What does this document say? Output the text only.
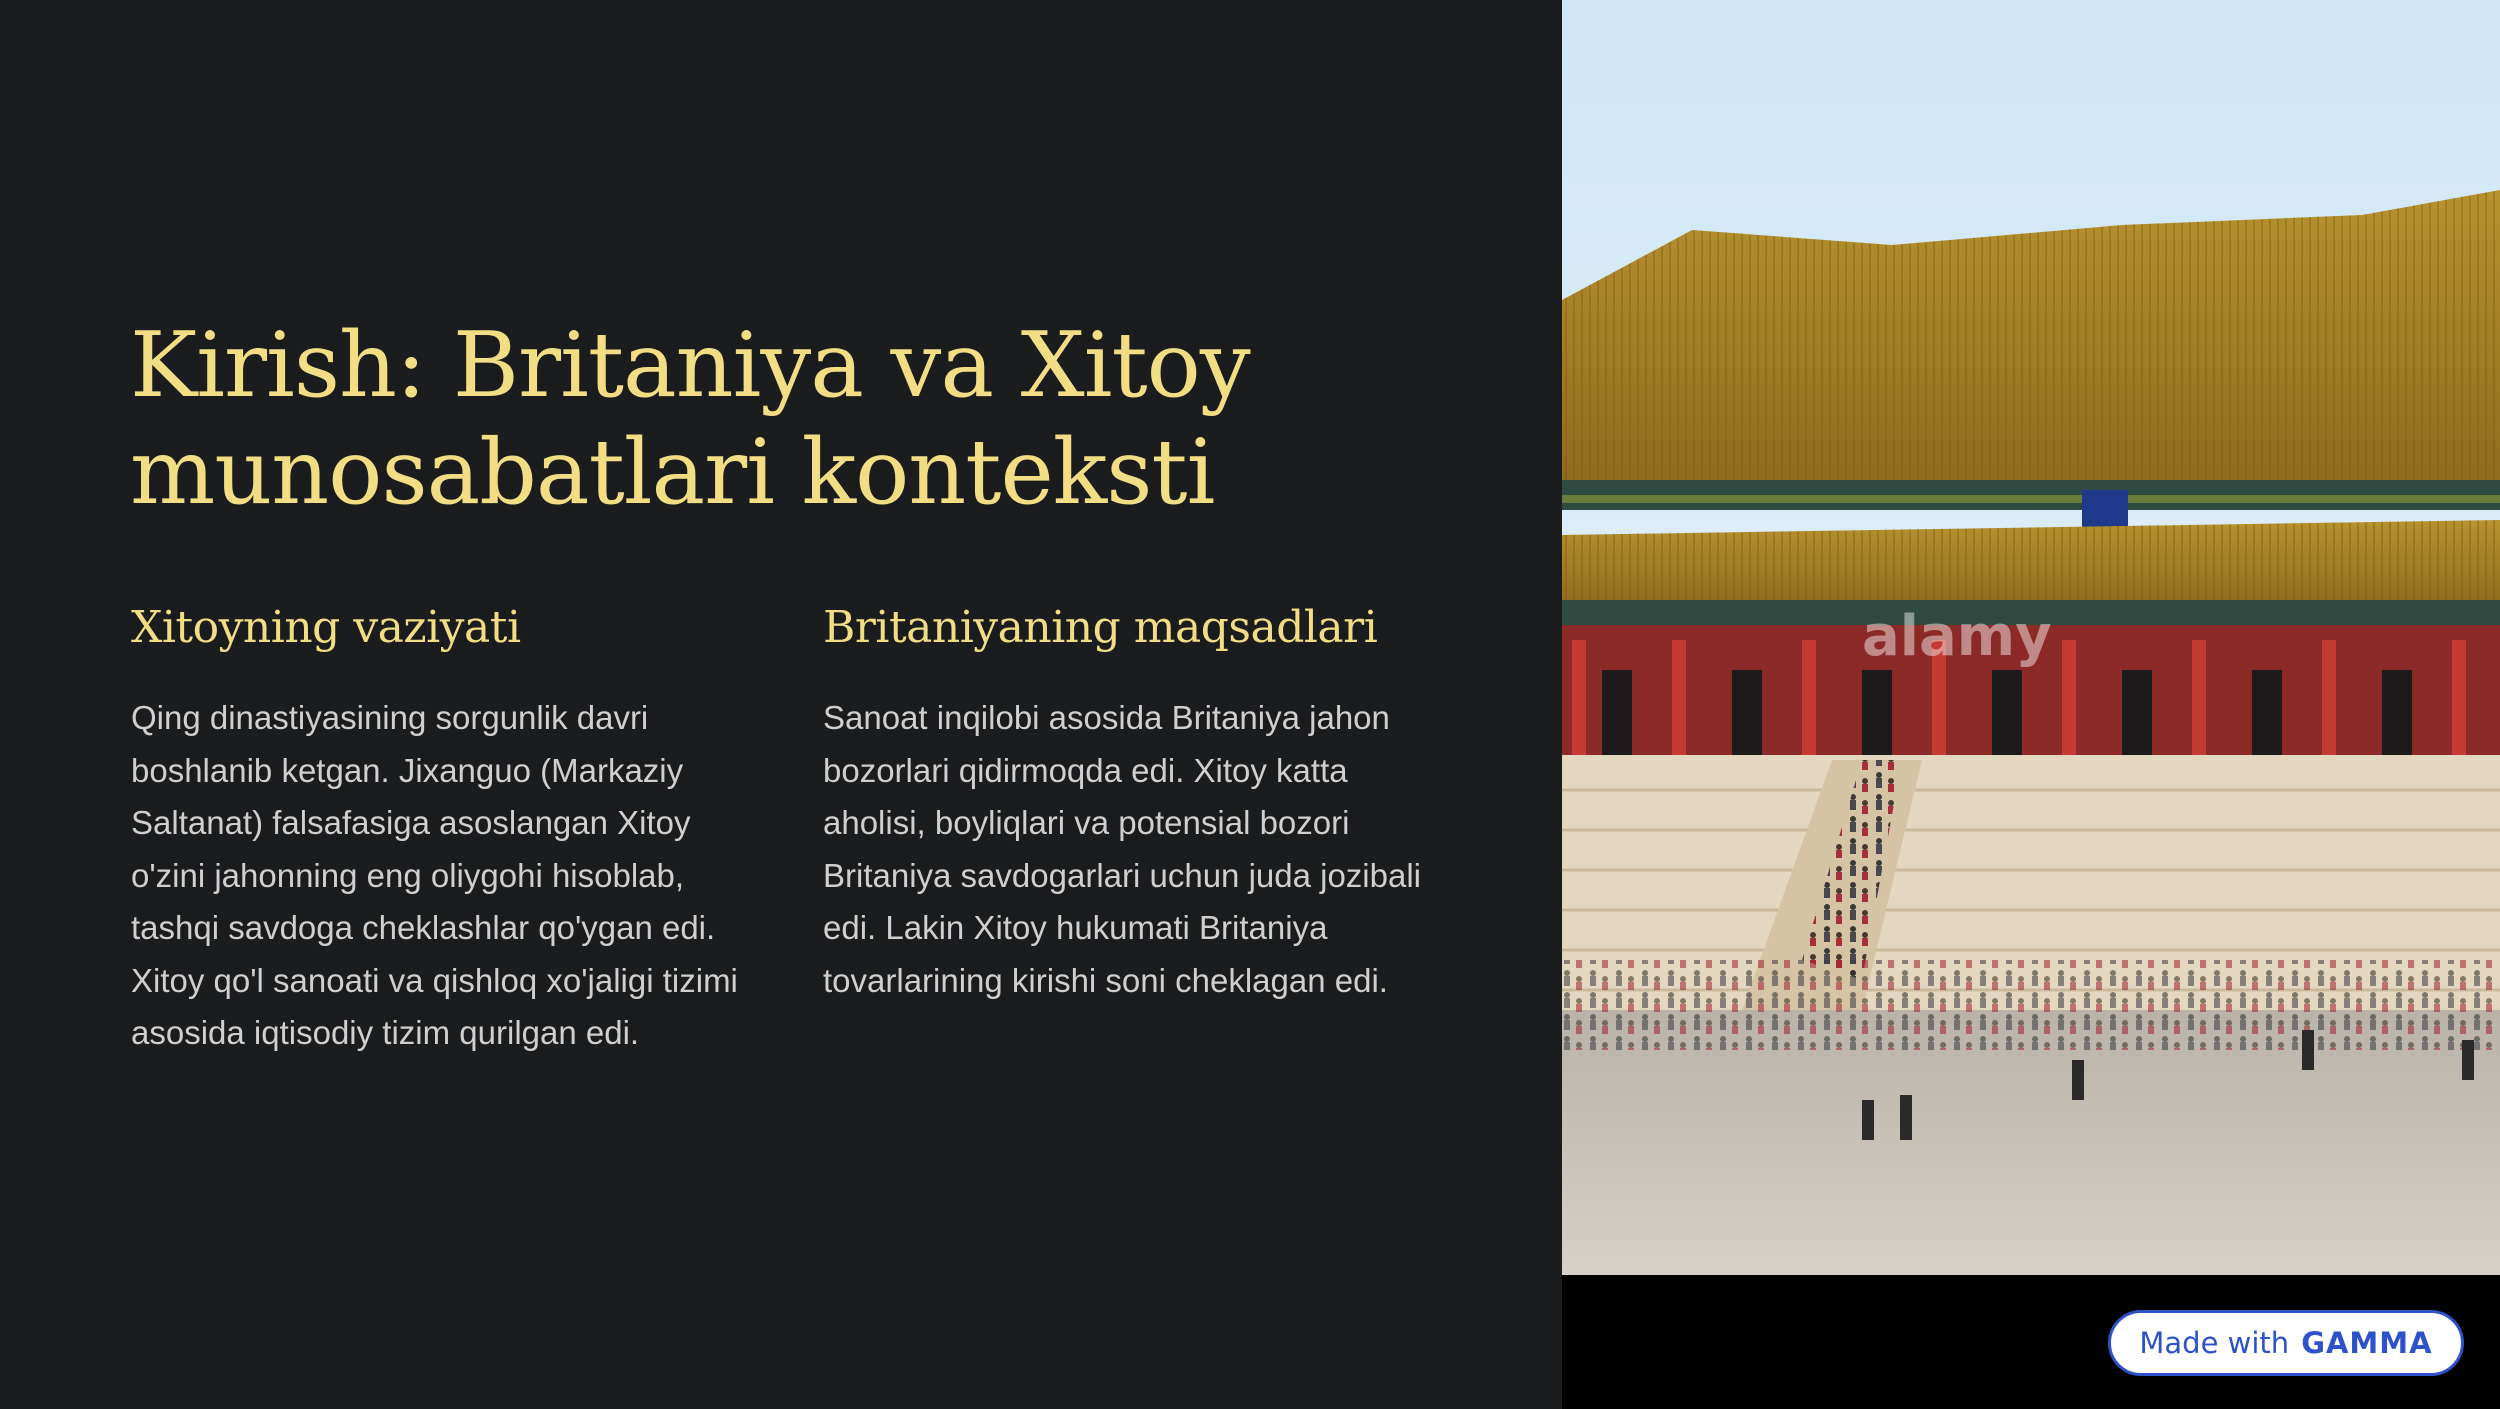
Kirish: Britaniya va Xitoy munosabatlari konteksti
Xitoyning vaziyati

Qing dinastiyasining sorgunlik davri boshlanib ketgan. Jixanguo (Markaziy Saltanat) falsafasiga asoslangan Xitoy o'zini jahonning eng oliygohi hisoblab, tashqi savdoga cheklashlar qo'ygan edi. Xitoy qo'l sanoati va qishloq xo'jaligi tizimi asosida iqtisodiy tizim qurilgan edi.

Britaniyaning maqsadlari

Sanoat inqilobi asosida Britaniya jahon bozorlari qidirmoqda edi. Xitoy katta aholisi, boyliqlari va potensial bozori Britaniya savdogarlari uchun juda jozibali edi. Lakin Xitoy hukumati Britaniya tovarlarining kirishi soni cheklagan edi.

alamy
Made with GAMMA
